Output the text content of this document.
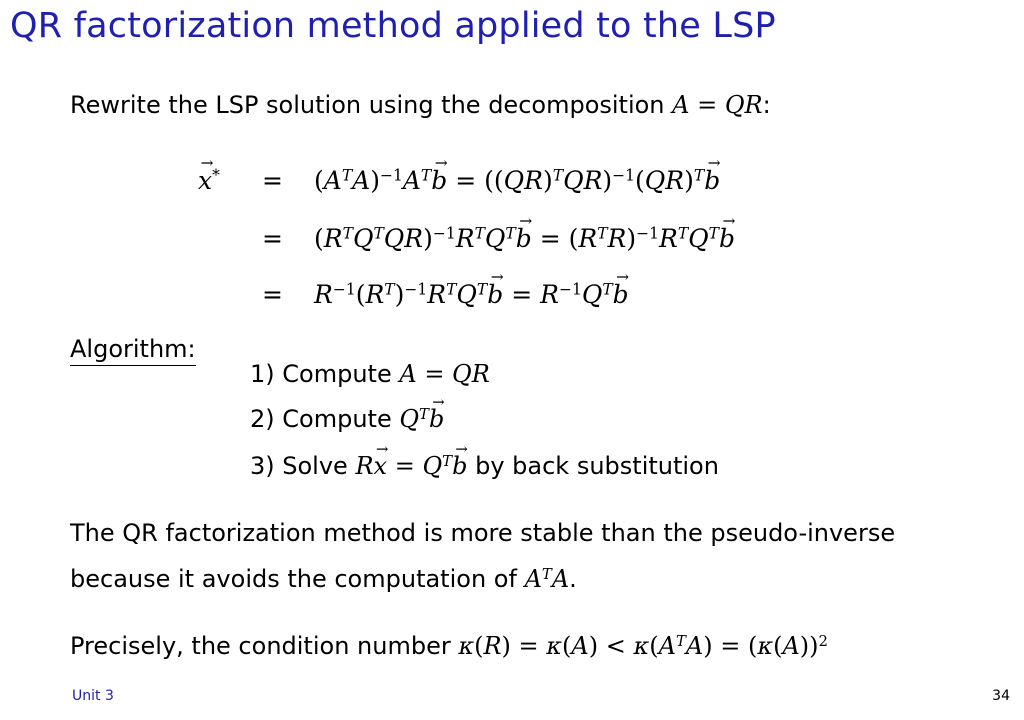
QR factorization method applied to the LSP
Rewrite the LSP solution using the decomposition A = QR:
$x \to^* = (A^TA)^{-1}A^Tb$ → = $((QR)^TQR)^{-1}(QR)^Tb$ →
= $(R^TQ^TQR)^{-1}R^TQ^Tb$ → = $(R^TR)^{-1}R^TQ^Tb$ →
= $R^{-1}(R^T)^{-1}R^TQ^Tb$ → = $R^{-1}Q^Tb$ →
Algorithm:
1) Compute A = QR
2) Compute $Q^Tb$ →
3) Solve Rx → = $Q^Tb$ → by back substitution
The QR factorization method is more stable than the pseudo-inverse
because it avoids the computation of $A^TA$.
Precisely, the condition number $\kappa(R) = \kappa(A) < \kappa(A^TA) = (\kappa(A))^2$
Unit 3	34
